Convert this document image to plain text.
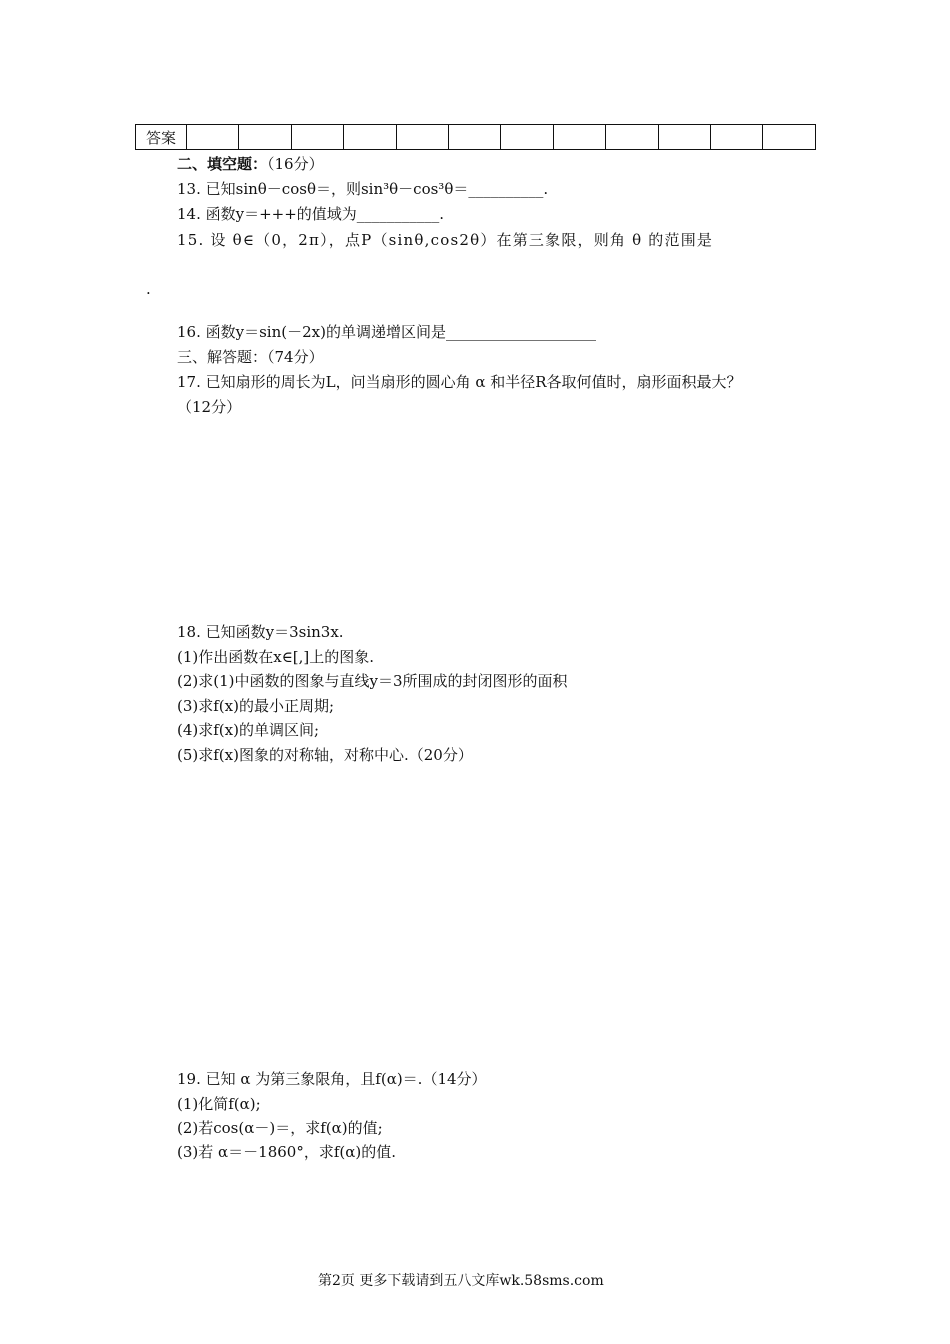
答案												
二、填空题：（16分）
13. 已知sinθ－cosθ＝，则sin³θ－cos³θ＝__________.
14. 函数y＝+++的值域为___________.
15. 设 θ∈（0，2π），点P（sinθ,cos2θ）在第三象限，则角 θ 的范围是
.
16. 函数y＝sin(－2x)的单调递增区间是____________________
三、解答题：（74分）
17. 已知扇形的周长为L，问当扇形的圆心角 α 和半径R各取何值时，扇形面积最大？
（12分）
18. 已知函数y＝3sin3x.
(1)作出函数在x∈[,]上的图象.
(2)求(1)中函数的图象与直线y＝3所围成的封闭图形的面积
(3)求f(x)的最小正周期;
(4)求f(x)的单调区间;
(5)求f(x)图象的对称轴，对称中心.（20分）
19. 已知 α 为第三象限角，且f(α)＝.（14分）
(1)化简f(α);
(2)若cos(α－)＝，求f(α)的值;
(3)若 α＝－1860°，求f(α)的值.
第2页 更多下载请到五八文库wk.58sms.com
